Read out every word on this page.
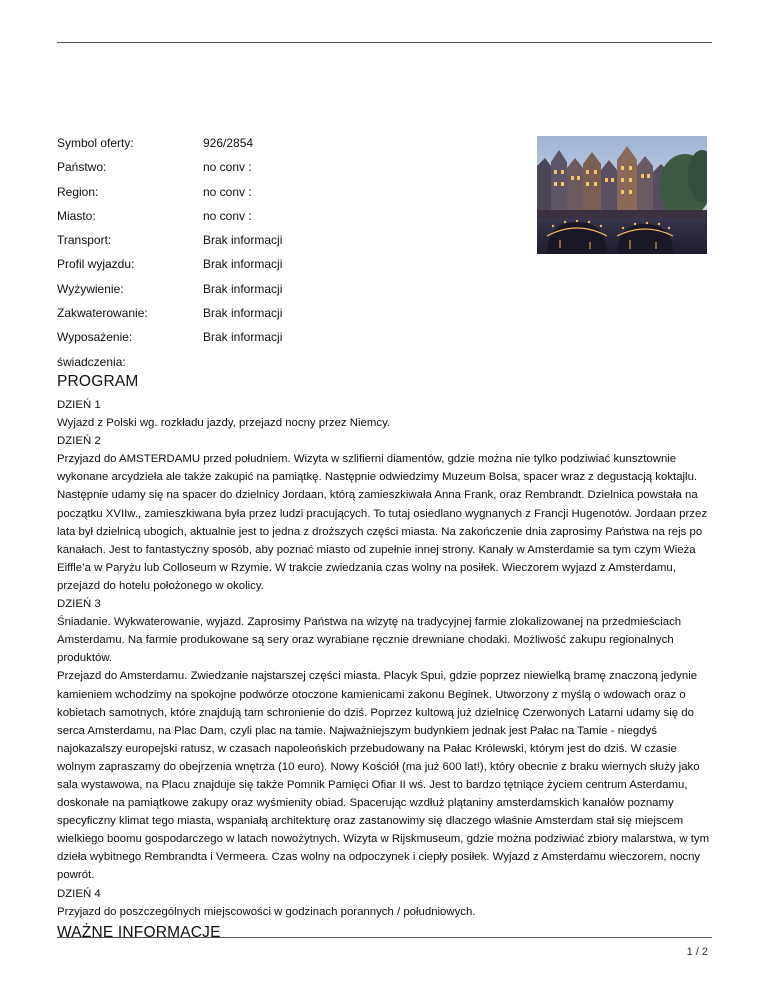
Symbol oferty:	926/2854
Państwo:	no conv :
Region:	no conv :
Miasto:	no conv :
Transport:	Brak informacji
Profil wyjazdu:	Brak informacji
Wyżywienie:	Brak informacji
Zakwaterowanie:	Brak informacji
Wyposażenie:	Brak informacji
świadczenia:
PROGRAM

DZIEŃ 1

Wyjazd z Polski wg. rozkładu jazdy, przejazd nocny przez Niemcy.

DZIEŃ 2

Przyjazd do AMSTERDAMU przed południem. Wizyta w szlifierni diamentów, gdzie można nie tylko podziwiać kunsztownie wykonane arcydzieła ale także zakupić na pamiątkę. Następnie odwiedzimy Muzeum Bolsa, spacer wraz z degustacją koktajlu. Następnie udamy się na spacer do dzielnicy Jordaan, którą zamieszkiwała Anna Frank, oraz Rembrandt. Dzielnica powstała na początku XVIIw., zamieszkiwana była przez ludzi pracujących. To tutaj osiedlano wygnanych z Francji Hugenotów. Jordaan przez lata był dzielnicą ubogich, aktualnie jest to jedna z droższych części miasta. Na zakończenie dnia zaprosimy Państwa na rejs po kanałach. Jest to fantastyczny sposób, aby poznać miasto od zupełnie innej strony. Kanały w Amsterdamie sa tym czym Wieża Eiffle’a w Paryżu lub Colloseum w Rzymie. W trakcie zwiedzania czas wolny na posiłek. Wieczorem wyjazd z Amsterdamu, przejazd do hotelu położonego w okolicy.

DZIEŃ 3

Śniadanie. Wykwaterowanie, wyjazd. Zaprosimy Państwa na wizytę na tradycyjnej farmie zlokalizowanej na przedmieściach Amsterdamu. Na farmie produkowane są sery oraz wyrabiane ręcznie drewniane chodaki. Możliwość zakupu regionalnych produktów.

Przejazd do Amsterdamu. Zwiedzanie najstarszej części miasta. Placyk Spui, gdzie poprzez niewielką bramę znaczoną jedynie kamieniem wchodzimy na spokojne podwórze otoczone kamienicami zakonu Beginek. Utworzony z myślą o wdowach oraz o kobietach samotnych, które znajdują tam schronienie do dziś. Poprzez kultową już dzielnicę Czerwonych Latarni udamy się do serca Amsterdamu, na Plac Dam, czyli plac na tamie. Najważniejszym budynkiem jednak jest Pałac na Tamie - niegdyś najokazalszy europejski ratusz, w czasach napoleońskich przebudowany na Pałac Królewski, którym jest do dziś. W czasie wolnym zapraszamy do obejrzenia wnętrza (10 euro). Nowy Kościół (ma już 600 lat!), który obecnie z braku wiernych służy jako sala wystawowa, na Placu znajduje się także Pomnik Pamięci Ofiar II wś. Jest to bardzo tętniące życiem centrum Asterdamu, doskonałe na pamiątkowe zakupy oraz wyśmienity obiad. Spacerując wzdłuż plątaniny amsterdamskich kanałów poznamy specyficzny klimat tego miasta, wspaniałą architekturę oraz zastanowimy się dlaczego właśnie Amsterdam stał się miejscem wielkiego boomu gospodarczego w latach nowożytnych. Wizyta w Rijskmuseum, gdzie można podziwiać zbiory malarstwa, w tym dzieła wybitnego Rembrandta i Vermeera. Czas wolny na odpoczynek i ciepły posiłek. Wyjazd z Amsterdamu wieczorem, nocny powrót.

DZIEŃ 4

Przyjazd do poszczególnych miejscowości w godzinach porannych / południowych.

WAŻNE INFORMACJE
1 / 2
